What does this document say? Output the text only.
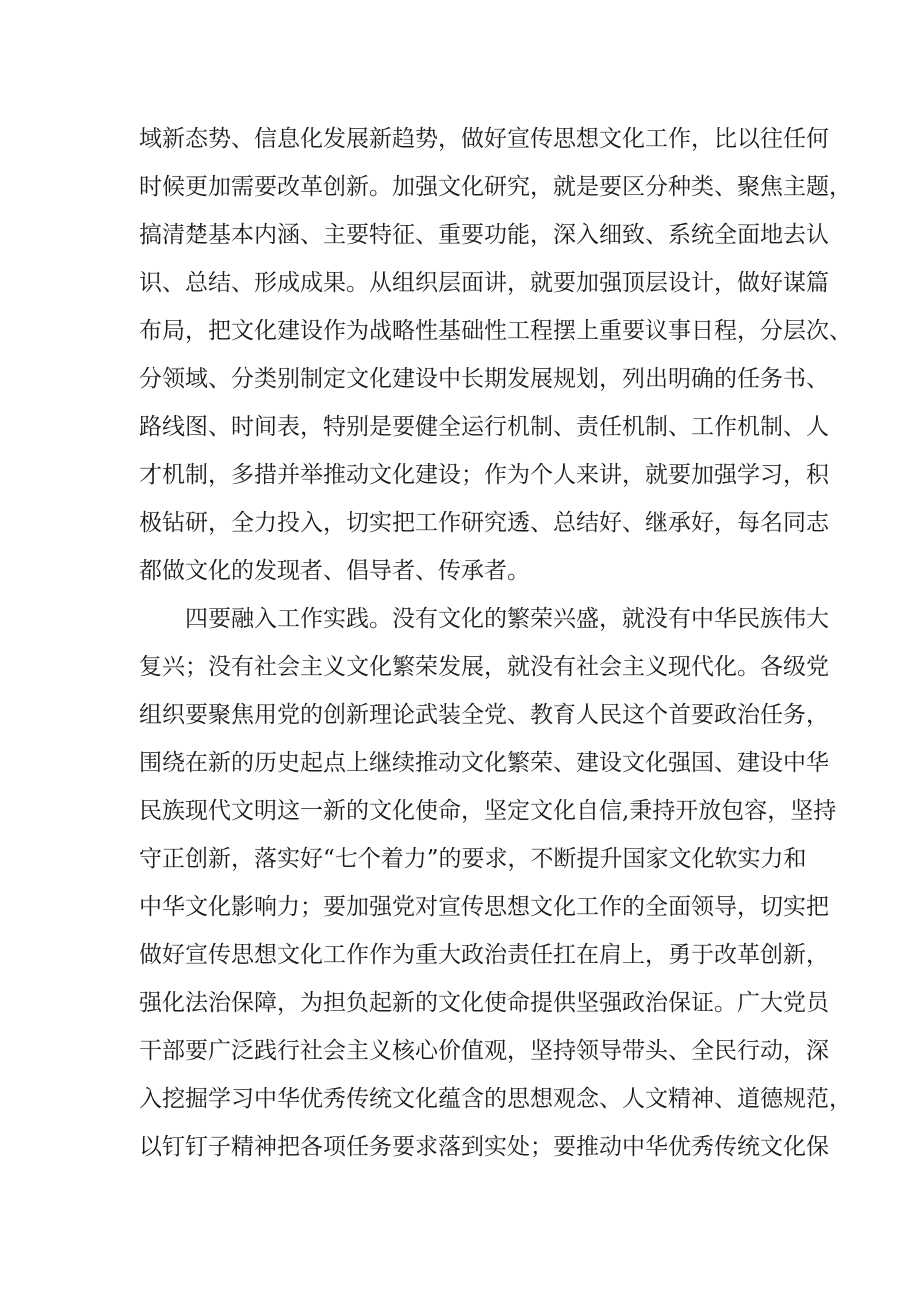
域新态势、信息化发展新趋势，做好宣传思想文化工作，比以往任何
时候更加需要改革创新。加强文化研究，就是要区分种类、聚焦主题，
搞清楚基本内涵、主要特征、重要功能，深入细致、系统全面地去认
识、总结、形成成果。从组织层面讲，就要加强顶层设计，做好谋篇
布局，把文化建设作为战略性基础性工程摆上重要议事日程，分层次、
分领域、分类别制定文化建设中长期发展规划，列出明确的任务书、
路线图、时间表，特别是要健全运行机制、责任机制、工作机制、人
才机制，多措并举推动文化建设；作为个人来讲，就要加强学习，积
极钻研，全力投入，切实把工作研究透、总结好、继承好，每名同志
都做文化的发现者、倡导者、传承者。
四要融入工作实践。没有文化的繁荣兴盛，就没有中华民族伟大
复兴；没有社会主义文化繁荣发展，就没有社会主义现代化。各级党
组织要聚焦用党的创新理论武装全党、教育人民这个首要政治任务，
围绕在新的历史起点上继续推动文化繁荣、建设文化强国、建设中华
民族现代文明这一新的文化使命，坚定文化自信,秉持开放包容，坚持
守正创新，落实好“七个着力”的要求，不断提升国家文化软实力和
中华文化影响力；要加强党对宣传思想文化工作的全面领导，切实把
做好宣传思想文化工作作为重大政治责任扛在肩上，勇于改革创新，
强化法治保障，为担负起新的文化使命提供坚强政治保证。广大党员
干部要广泛践行社会主义核心价值观，坚持领导带头、全民行动，深
入挖掘学习中华优秀传统文化蕴含的思想观念、人文精神、道德规范，
以钉钉子精神把各项任务要求落到实处；要推动中华优秀传统文化保
